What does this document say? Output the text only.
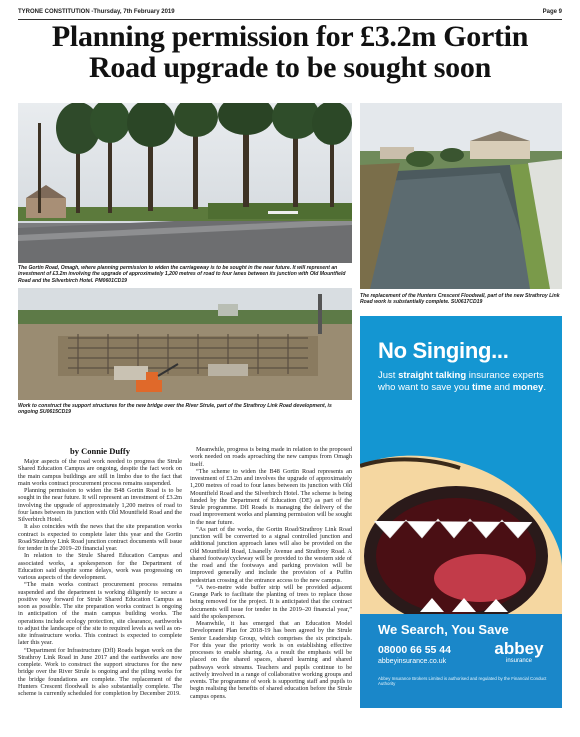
TYRONE CONSTITUTION -Thursday, 7th February 2019	Page 9
Planning permission for £3.2m Gortin
Road upgrade to be sought soon
The Gortin Road, Omagh, where planning permission to widen the carriageway is to be sought in the near future. It will represent an investment of £3.2m involving the upgrade of approximately 1,200 metres of road to four lanes between its junction with Old Mountfield Road and the Silverbirch Hotel. PM0601CD19
The replacement of the Hunters Crescent Floodwall, part of the new Strathroy Link Road work is substantially complete. SU0617CD19
Work to construct the support structures for the new bridge over the River Strule, part of the Strathroy Link Road development, is ongoing SU0615CD19
by Connie Duffy

Major aspects of the road work needed to progress the Strule Shared Education Campus are ongoing, despite the fact work on the main campus buildings are still in limbo due to the fact that main works contract procurement process remains suspended.

Planning permission to widen the B48 Gortin Road is to be sought in the near future. It will represent an investment of £3.2m involving the upgrade of approximately 1,200 metres of road to four lanes between its junction with Old Mountfield Road and the Silverbirch Hotel.

It also coincides with the news that the site preparation works contract is expected to complete later this year and the Gortin Road/Strathroy Link Road junction contract documents will issue for tender in the 2019–20 financial year.

In relation to the Strule Shared Education Campus and associated works, a spokesperson for the Department of Education said despite some delays, work was progressing on various aspects of the development.

“The main works contract procurement process remains suspended and the department is working diligently to secure a positive way forward for Strule Shared Education Campus as soon as possible. The site preparation works contract is ongoing in anticipation of the main campus building works. The operations include ecology protection, site clearance, earthworks to adjust the landscape of the site to required levels as well as on-site infrastructure works. This contract is expected to complete later this year.

“Department for Infrastructure (DfI) Roads began work on the Strathroy Link Road in June 2017 and the earthworks are now complete. Work to construct the support structures for the new bridge over the River Strule is ongoing and the piling works for the bridge foundations are complete. The replacement of the Hunters Crescent floodwall is also substantially complete. The scheme is currently scheduled for completion by December 2019.

Meanwhile, progress is being made in relation to the proposed work needed on roads aproaching the new campus from Omagh itself.

“The scheme to widen the B48 Gortin Road represents an investment of £3.2m and involves the upgrade of approximately 1,200 metres of road to four lanes between its junction with Old Mountfield Road and the Silverbirch Hotel. The scheme is being funded by the Department of Education (DE) as part of the Strule programme. DfI Roads is managing the delivery of the road improvement works and planning permission will be sought in the near future.

“As part of the works, the Gortin Road/Strathroy Link Road junction will be converted to a signal controlled junction and additional junction approach lanes will also be provided on the Old Mountfield Road, Lisanelly Avenue and Strathroy Road. A shared footway/cycleway will be provided to the western side of the road and the footways and parking provision will be improved generally and include the provision of a Puffin pedestrian crossing at the entrance access to the new campus.

“A two-metre wide buffer strip will be provided adjacent Grange Park to facilitate the planting of trees to replace those being removed for the project. It is anticipated that the contract documents will issue for tender in the 2019–20 financial year,” said the spokesperson.

Meanwhile, it has emerged that an Education Model Development Plan for 2018-19 has been agreed by the Strule Senior Leadership Group, which comprises the six principals. For this year the priority work is on establishing effective processes to enable sharing. As a result the emphasis will be placed on the shared spaces, shared learning and shared pathways work streams. Teachers and pupils continue to be actively involved in a range of collaborative working groups and events. The programme of work is supporting staff and pupils to begin realising the benefits of shared education before the Strule campus opens.

No Singing...
Just straight talking insurance experts who want to save you time and money.
We Search, You Save
08000 66 55 44
abbeyinsurance.co.uk
abbey
insurance
Abbey Insurance Brokers Limited is authorised and regulated by the Financial Conduct Authority
